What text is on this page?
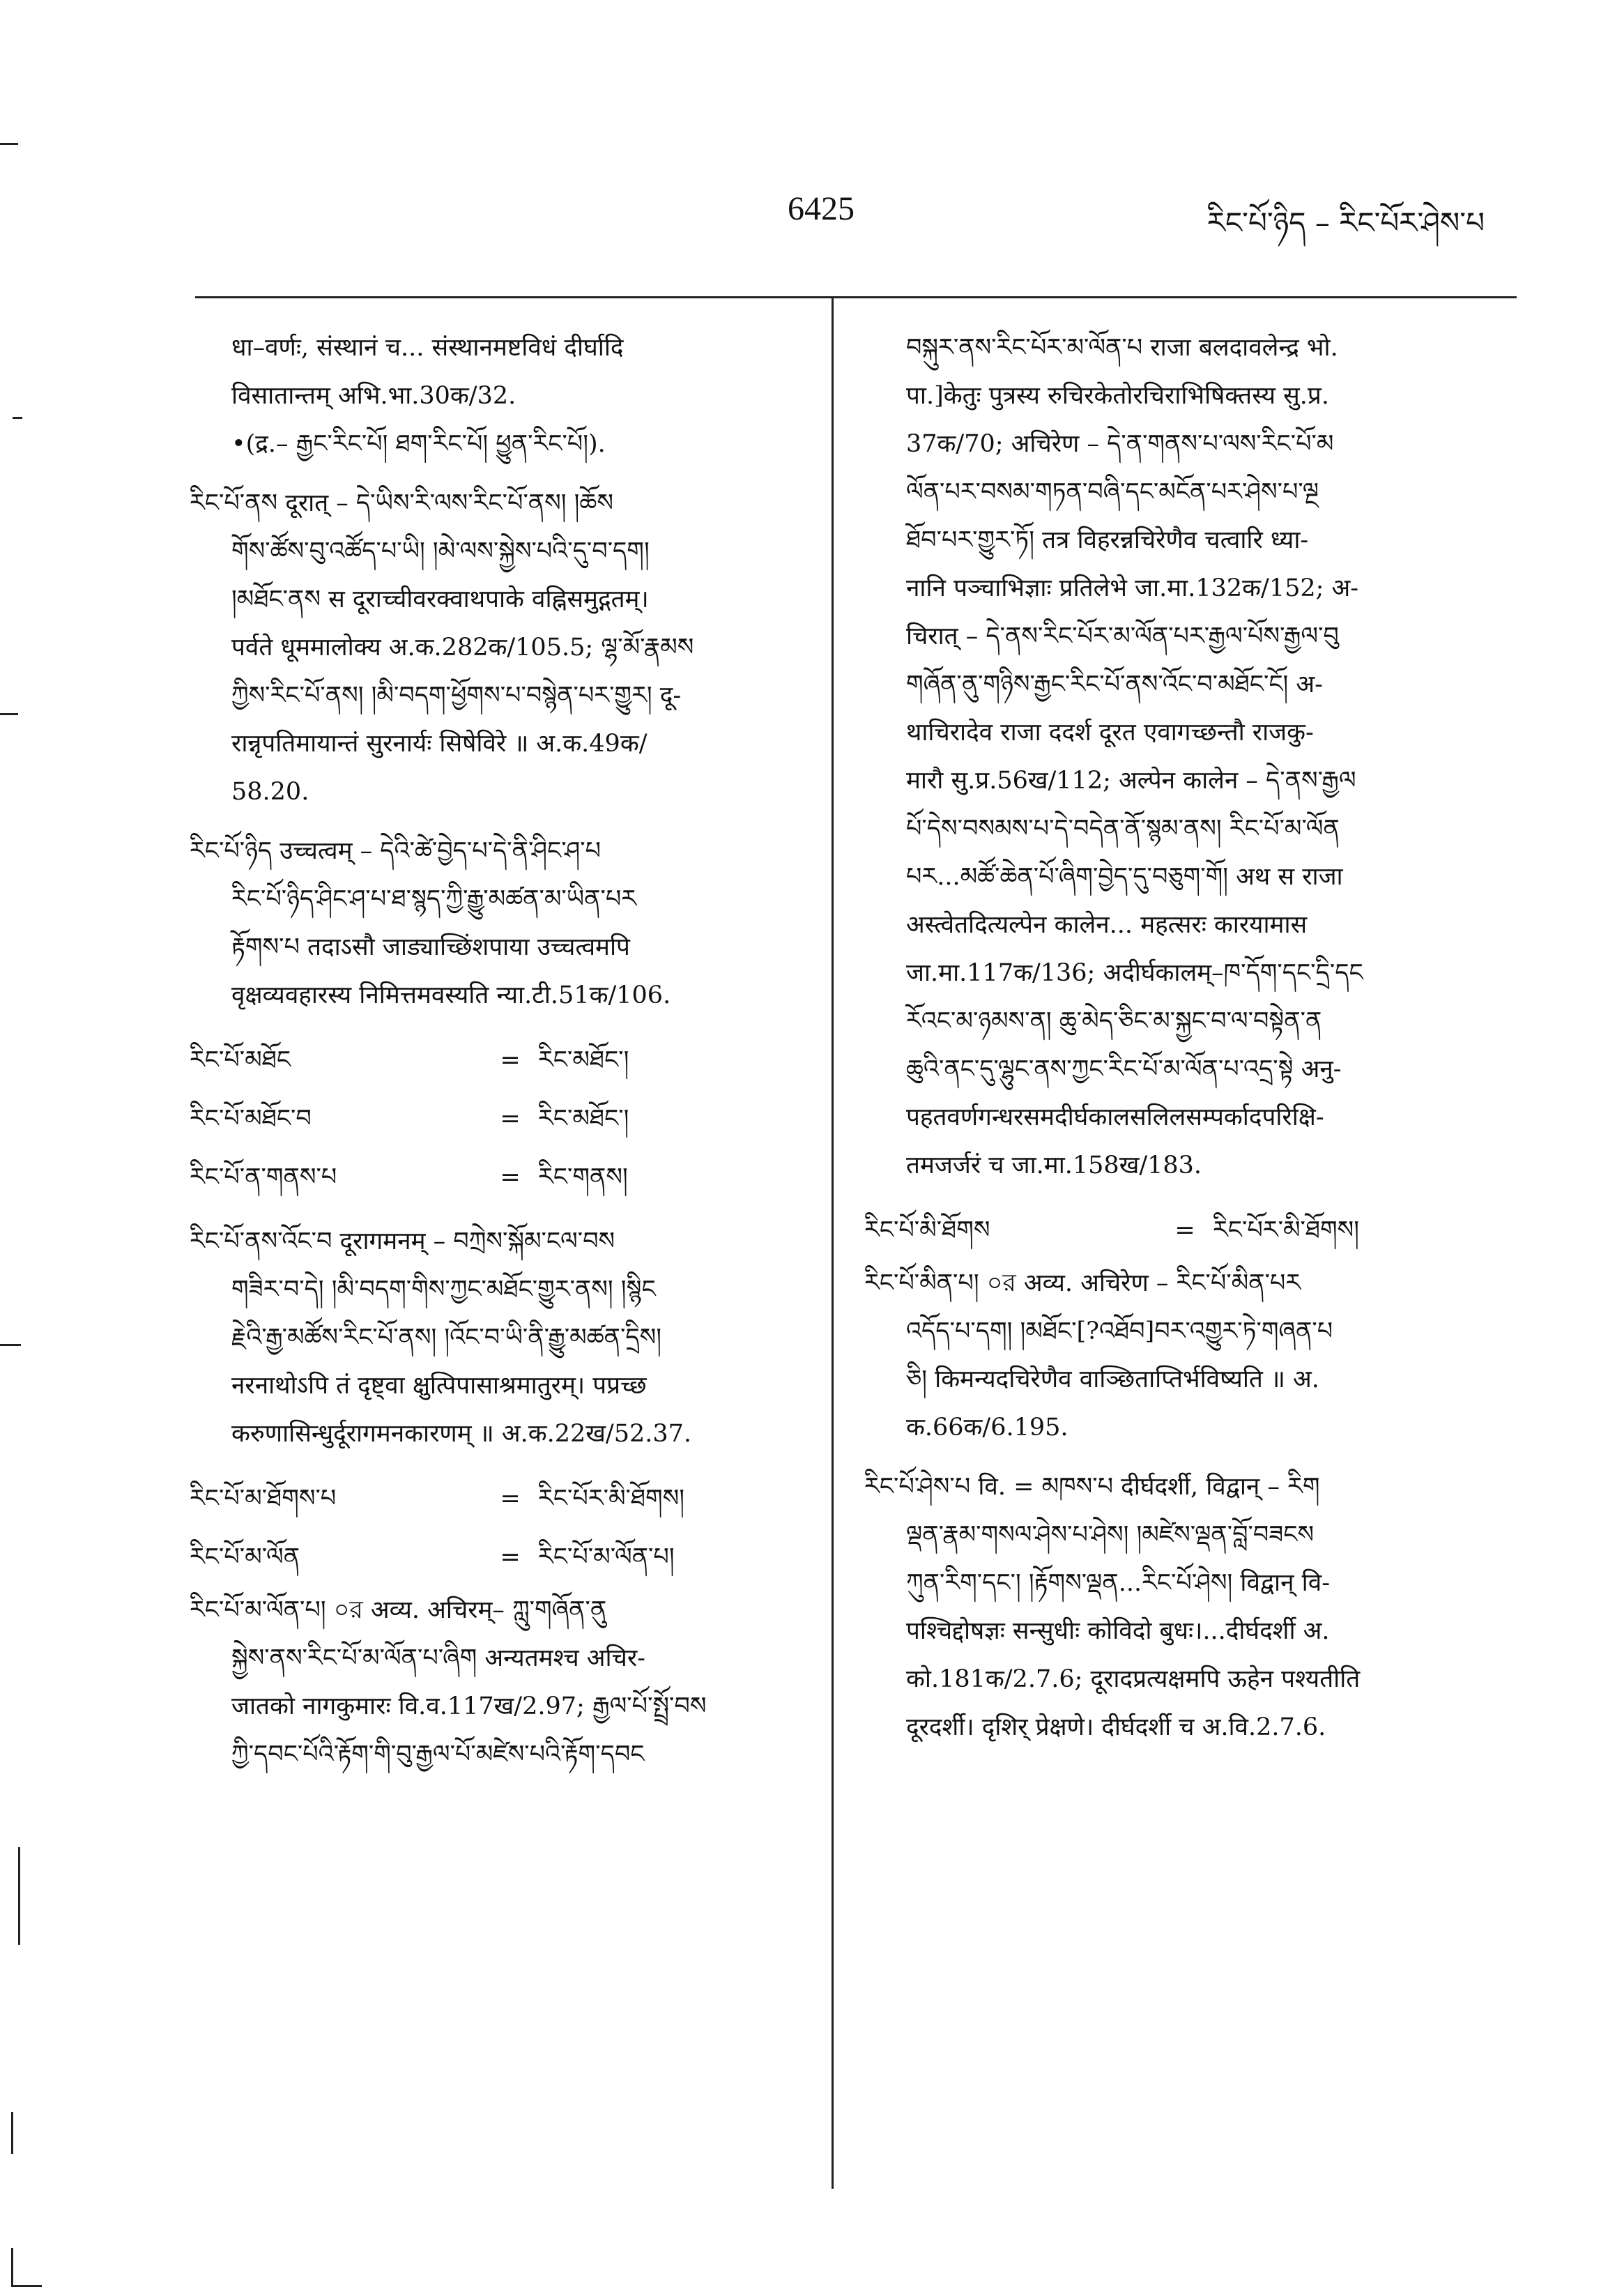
6425	རིང་པོ་ཉིད – རིང་པོར་ཤེས་པ
धा–वर्णः, संस्थानं च... संस्थानमष्टविधं दीर्घादि
विसातान्तम् अभि.भा.30क/32.
•(द्र.– རྒྱང་རིང་པོ། ཐག་རིང་པོ། ཕྱུན་རིང་པོ།).
རིང་པོ་ནས दूरात् – དེ་ཡིས་རི་ལས་རིང་པོ་ནས། །ཆོས
གོས་ཚོས་བུ་འཚོད་པ་ཡི། །མེ་ལས་སྐྱེས་པའི་དུ་བ་དག།
།མཐོང་ནས स दूराच्चीवरक्वाथपाके वह्निसमुद्गतम्।
पर्वते धूममालोक्य अ.क.282क/105.5; ལྷ་མོ་རྣམས
ཀྱིས་རིང་པོ་ནས། །མི་བདག་ཕྱོགས་པ་བསྙེན་པར་གྱུར། दू-
रान्नृपतिमायान्तं सुरनार्यः सिषेविरे ॥ अ.क.49क/
58.20.
རིང་པོ་ཉིད उच्चत्वम् – དེའི་ཚེ་བྱེད་པ་དེ་ནི་ཤིང་ཤ་པ
རིང་པོ་ཉིད་ཤིང་ཤ་པ་ཐ་སྙད་ཀྱི་རྒྱུ་མཚན་མ་ཡིན་པར
རྟོགས་པ तदाऽसौ जाड्याच्छिंशपाया उच्चत्वमपि
वृक्षव्यवहारस्य निमित्तमवस्यति न्या.टी.51क/106.
རིང་པོ་མཐོང	= རིང་མཐོང་།
རིང་པོ་མཐོང་བ	= རིང་མཐོང་།
རིང་པོ་ན་གནས་པ	= རིང་གནས།
རིང་པོ་ནས་འོང་བ दूरागमनम् – བཀྲེས་སྐོམ་ངལ་བས
གཟིར་བ་དེ། །མི་བདག་གིས་ཀྱང་མཐོང་གྱུར་ནས། །སྙིང
རྗེའི་རྒྱ་མཚོས་རིང་པོ་ནས། །འོང་བ་ཡི་ནི་རྒྱུ་མཚན་དྲིས།
नरनाथोऽपि तं दृष्ट्वा क्षुत्पिपासाश्रमातुरम्। पप्रच्छ
करुणासिन्धुर्दूरागमनकारणम् ॥ अ.क.22ख/52.37.
རིང་པོ་མ་ཐོགས་པ	= རིང་པོར་མི་ཐོགས།
རིང་པོ་མ་ལོན	= རིང་པོ་མ་ལོན་པ།
རིང་པོ་མ་ལོན་པ། ০র अव्य. अचिरम्– ཀླུ་གཞོན་ནུ
སྐྱེས་ནས་རིང་པོ་མ་ལོན་པ་ཞིག अन्यतमश्च अचिर-
जातको नागकुमारः वि.व.117ख/2.97; རྒྱལ་པོ་སྤྲོ་བས
ཀྱི་དབང་པོའི་རྟོག་གི་བུ་རྒྱལ་པོ་མཛེས་པའི་རྟོག་དབང
བསྐུར་ནས་རིང་པོར་མ་ལོན་པ राजा बलदावलेन्द्र भो.
पा.]केतुः पुत्रस्य रुचिरकेतोरचिराभिषिक्तस्य सु.प्र.
37क/70; अचिरेण – དེ་ན་གནས་པ་ལས་རིང་པོ་མ
ལོན་པར་བསམ་གཏན་བཞི་དང་མངོན་པར་ཤེས་པ་ལྔ
ཐོབ་པར་གྱུར་ཏོ། तत्र विहरन्नचिरेणैव चत्वारि ध्या-
नानि पञ्चाभिज्ञाः प्रतिलेभे जा.मा.132क/152; अ-
चिरात् – དེ་ནས་རིང་པོར་མ་ལོན་པར་རྒྱལ་པོས་རྒྱལ་བུ
གཞོན་ནུ་གཉིས་རྒྱང་རིང་པོ་ནས་འོང་བ་མཐོང་ངོ། अ-
थाचिरादेव राजा ददर्श दूरत एवागच्छन्तौ राजकु-
मारौ सु.प्र.56ख/112; अल्पेन कालेन – དེ་ནས་རྒྱལ
པོ་དེས་བསམས་པ་དེ་བདེན་ནོ་སྙམ་ནས། རིང་པོ་མ་ལོན
པར...མཚོ་ཆེན་པོ་ཞིག་བྱེད་དུ་བཅུག་གོ། अथ स राजा
अस्त्वेतदित्यल्पेन कालेन... महत्सरः कारयामास
जा.मा.117क/136; अदीर्घकालम्–ཁ་དོག་དང་དྲི་དང
རོའང་མ་ཉམས་ན། ཆུ་མེད་ཅིང་མ་སྐྱང་བ་ལ་བསྟེན་ན
ཆུའི་ནང་དུ་ལྷུང་ནས་ཀྱང་རིང་པོ་མ་ལོན་པ་འདྲ་སྟེ अनु-
पहतवर्णगन्धरसमदीर्घकालसलिलसम्पर्कादपरिक्षि-
तमजर्जरं च जा.मा.158ख/183.
རིང་པོ་མི་ཐོགས	= རིང་པོར་མི་ཐོགས།
རིང་པོ་མིན་པ། ০র अव्य. अचिरेण – རིང་པོ་མིན་པར
འདོད་པ་དག། །མཐོང་[?འཐོབ]བར་འགྱུར་ཏེ་གཞན་པ
ཅི། किमन्यदचिरेणैव वाञ्छिताप्तिर्भविष्यति ॥ अ.
क.66क/6.195.
རིང་པོ་ཤེས་པ वि. = མཁས་པ दीर्घदर्शी, विद्वान् – རིག
ལྡན་རྣམ་གསལ་ཤེས་པ་ཤེས། །མཛེས་ལྡན་བློ་བཟངས
ཀུན་རིག་དང་། །རྟོགས་ལྡན...རིང་པོ་ཤེས། विद्वान् वि-
पश्चिद्दोषज्ञः सन्सुधीः कोविदो बुधः।...दीर्घदर्शी अ.
को.181क/2.7.6; दूरादप्रत्यक्षमपि ऊहेन पश्यतीति
दूरदर्शी। दृशिर् प्रेक्षणे। दीर्घदर्शी च अ.वि.2.7.6.
